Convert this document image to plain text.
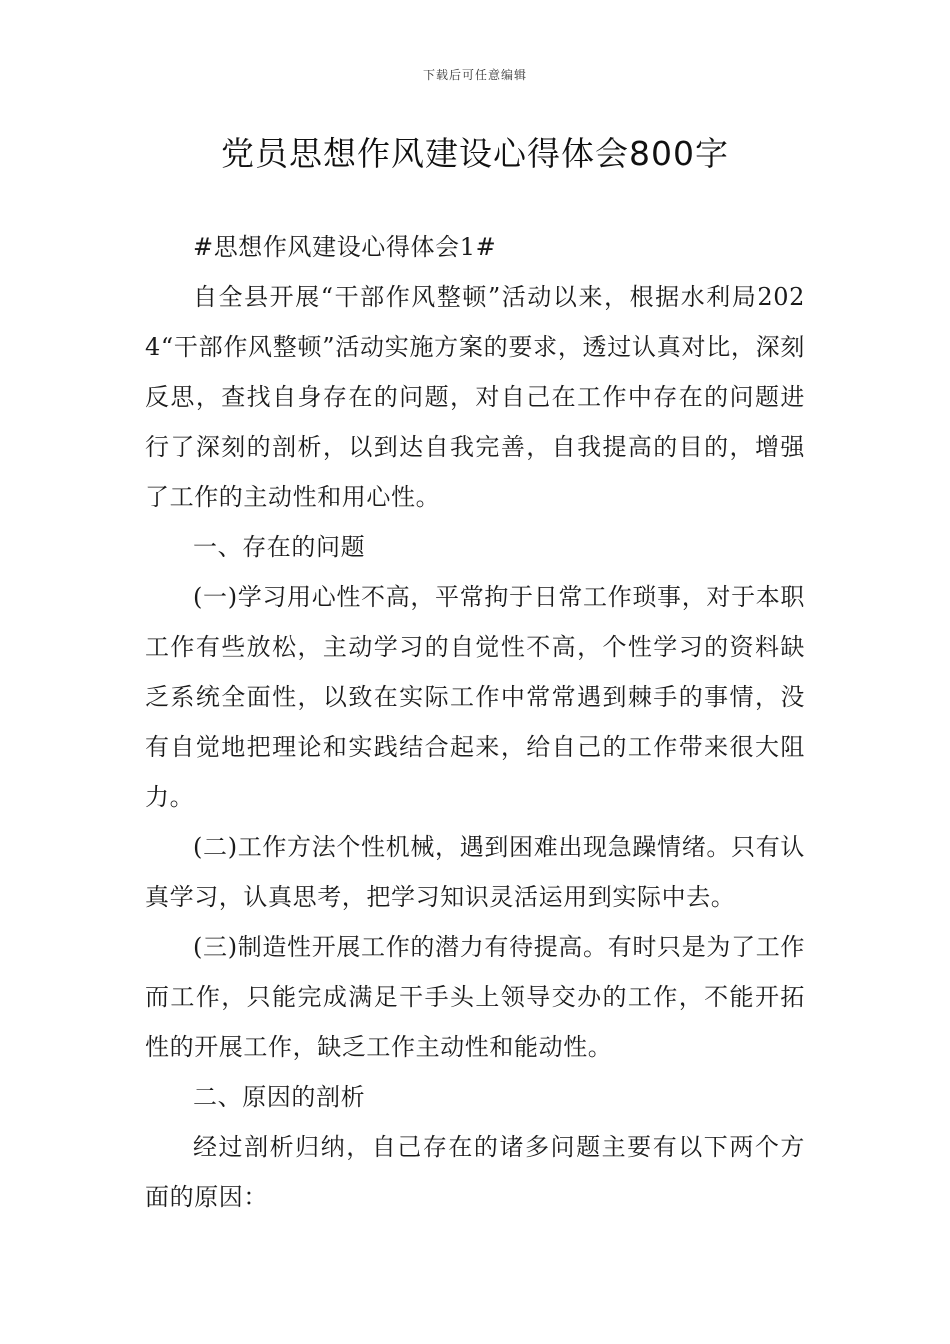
下载后可任意编辑
党员思想作风建设心得体会800字

#思想作风建设心得体会1#

自全县开展“干部作风整顿”活动以来，根据水利局2024“干部作风整顿”活动实施方案的要求，透过认真对比，深刻反思，查找自身存在的问题，对自己在工作中存在的问题进行了深刻的剖析，以到达自我完善，自我提高的目的，增强了工作的主动性和用心性。

一、存在的问题

(一)学习用心性不高，平常拘于日常工作琐事，对于本职工作有些放松，主动学习的自觉性不高，个性学习的资料缺乏系统全面性，以致在实际工作中常常遇到棘手的事情，没有自觉地把理论和实践结合起来，给自己的工作带来很大阻力。

(二)工作方法个性机械，遇到困难出现急躁情绪。只有认真学习，认真思考，把学习知识灵活运用到实际中去。

(三)制造性开展工作的潜力有待提高。有时只是为了工作而工作，只能完成满足干手头上领导交办的工作，不能开拓性的开展工作，缺乏工作主动性和能动性。

二、原因的剖析

经过剖析归纳，自己存在的诸多问题主要有以下两个方面的原因：
